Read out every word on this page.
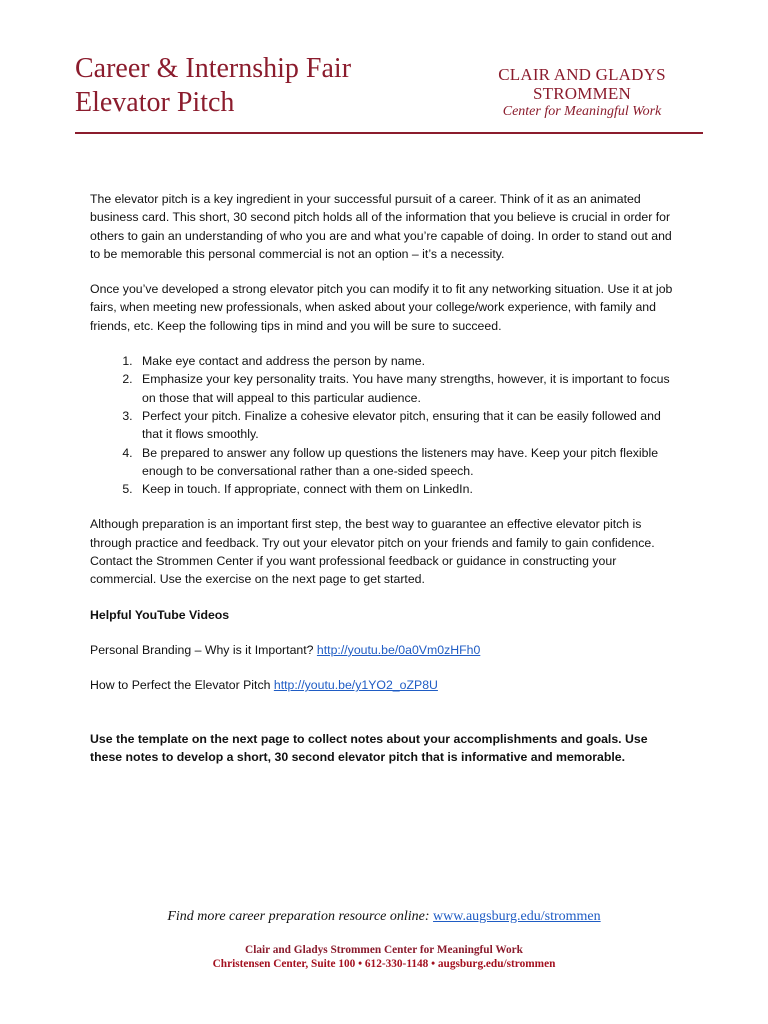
Career & Internship Fair
Elevator Pitch
CLAIR AND GLADYS
STROMMEN
Center for Meaningful Work

The elevator pitch is a key ingredient in your successful pursuit of a career. Think of it as an animated business card. This short, 30 second pitch holds all of the information that you believe is crucial in order for others to gain an understanding of who you are and what you’re capable of doing. In order to stand out and to be memorable this personal commercial is not an option – it’s a necessity.

Once you’ve developed a strong elevator pitch you can modify it to fit any networking situation. Use it at job fairs, when meeting new professionals, when asked about your college/work experience, with family and friends, etc. Keep the following tips in mind and you will be sure to succeed.

1. Make eye contact and address the person by name.
2. Emphasize your key personality traits. You have many strengths, however, it is important to focus on those that will appeal to this particular audience.
3. Perfect your pitch. Finalize a cohesive elevator pitch, ensuring that it can be easily followed and that it flows smoothly.
4. Be prepared to answer any follow up questions the listeners may have. Keep your pitch flexible enough to be conversational rather than a one-sided speech.
5. Keep in touch. If appropriate, connect with them on LinkedIn.

Although preparation is an important first step, the best way to guarantee an effective elevator pitch is through practice and feedback. Try out your elevator pitch on your friends and family to gain confidence. Contact the Strommen Center if you want professional feedback or guidance in constructing your commercial. Use the exercise on the next page to get started.

Helpful YouTube Videos

Personal Branding – Why is it Important? http://youtu.be/0a0Vm0zHFh0

How to Perfect the Elevator Pitch http://youtu.be/y1YO2_oZP8U

Use the template on the next page to collect notes about your accomplishments and goals. Use these notes to develop a short, 30 second elevator pitch that is informative and memorable.

Find more career preparation resource online: www.augsburg.edu/strommen
Clair and Gladys Strommen Center for Meaningful Work
Christensen Center, Suite 100 • 612-330-1148 • augsburg.edu/strommen
